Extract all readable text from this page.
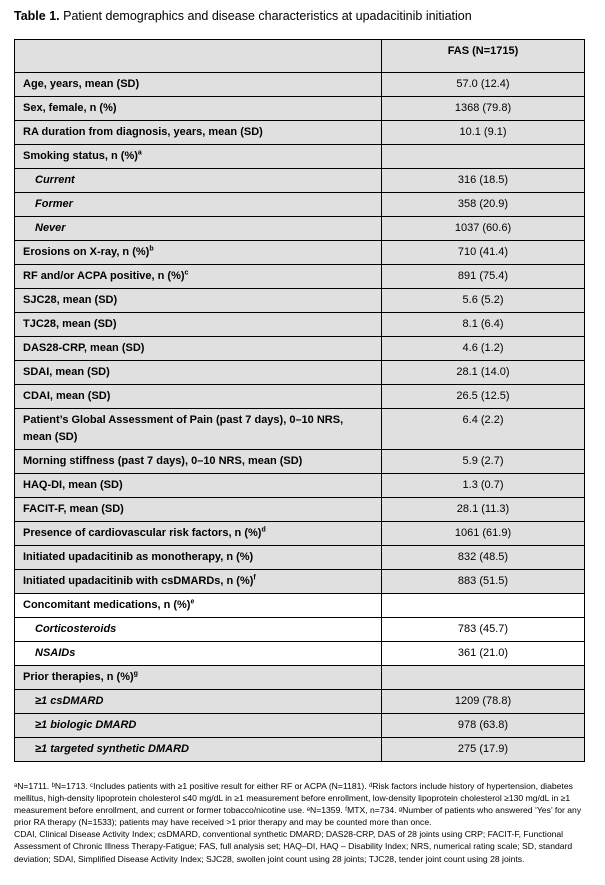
Table 1. Patient demographics and disease characteristics at upadacitinib initiation
	FAS (N=1715)
Age, years, mean (SD)	57.0 (12.4)
Sex, female, n (%)	1368 (79.8)
RA duration from diagnosis, years, mean (SD)	10.1 (9.1)
Smoking status, n (%)$^a$	
Current	316 (18.5)
Former	358 (20.9)
Never	1037 (60.6)
Erosions on X-ray, n (%)$^b$	710 (41.4)
RF and/or ACPA positive, n (%)$^c$	891 (75.4)
SJC28, mean (SD)	5.6 (5.2)
TJC28, mean (SD)	8.1 (6.4)
DAS28-CRP, mean (SD)	4.6 (1.2)
SDAI, mean (SD)	28.1 (14.0)
CDAI, mean (SD)	26.5 (12.5)
Patient’s Global Assessment of Pain (past 7 days), 0–10 NRS, mean (SD)	6.4 (2.2)
Morning stiffness (past 7 days), 0–10 NRS, mean (SD)	5.9 (2.7)
HAQ-DI, mean (SD)	1.3 (0.7)
FACIT-F, mean (SD)	28.1 (11.3)
Presence of cardiovascular risk factors, n (%)$^d$	1061 (61.9)
Initiated upadacitinib as monotherapy, n (%)	832 (48.5)
Initiated upadacitinib with csDMARDs, n (%)$^f$	883 (51.5)
Concomitant medications, n (%)$^e$	
Corticosteroids	783 (45.7)
NSAIDs	361 (21.0)
Prior therapies, n (%)$^g$	
≥1 csDMARD	1209 (78.8)
≥1 biologic DMARD	978 (63.8)
≥1 targeted synthetic DMARD	275 (17.9)
ᵃN=1711. ᵇN=1713. ᶜIncludes patients with ≥1 positive result for either RF or ACPA (N=1181). ᵈRisk factors include history of hypertension, diabetes mellitus, high-density lipoprotein cholesterol ≤40 mg/dL in ≥1 measurement before enrollment, low-density lipoprotein cholesterol ≥130 mg/dL in ≥1 measurement before enrollment, and current or former tobacco/nicotine use. ᵉN=1359. ᶠMTX, n=734. ᵍNumber of patients who answered ‘Yes’ for any prior RA therapy (N=1533); patients may have received >1 prior therapy and may be counted more than once.
CDAI, Clinical Disease Activity Index; csDMARD, conventional synthetic DMARD; DAS28-CRP, DAS of 28 joints using CRP; FACIT-F, Functional Assessment of Chronic Illness Therapy-Fatigue; FAS, full analysis set; HAQ–DI, HAQ – Disability Index; NRS, numerical rating scale; SD, standard deviation; SDAI, Simplified Disease Activity Index; SJC28, swollen joint count using 28 joints; TJC28, tender joint count using 28 joints.
